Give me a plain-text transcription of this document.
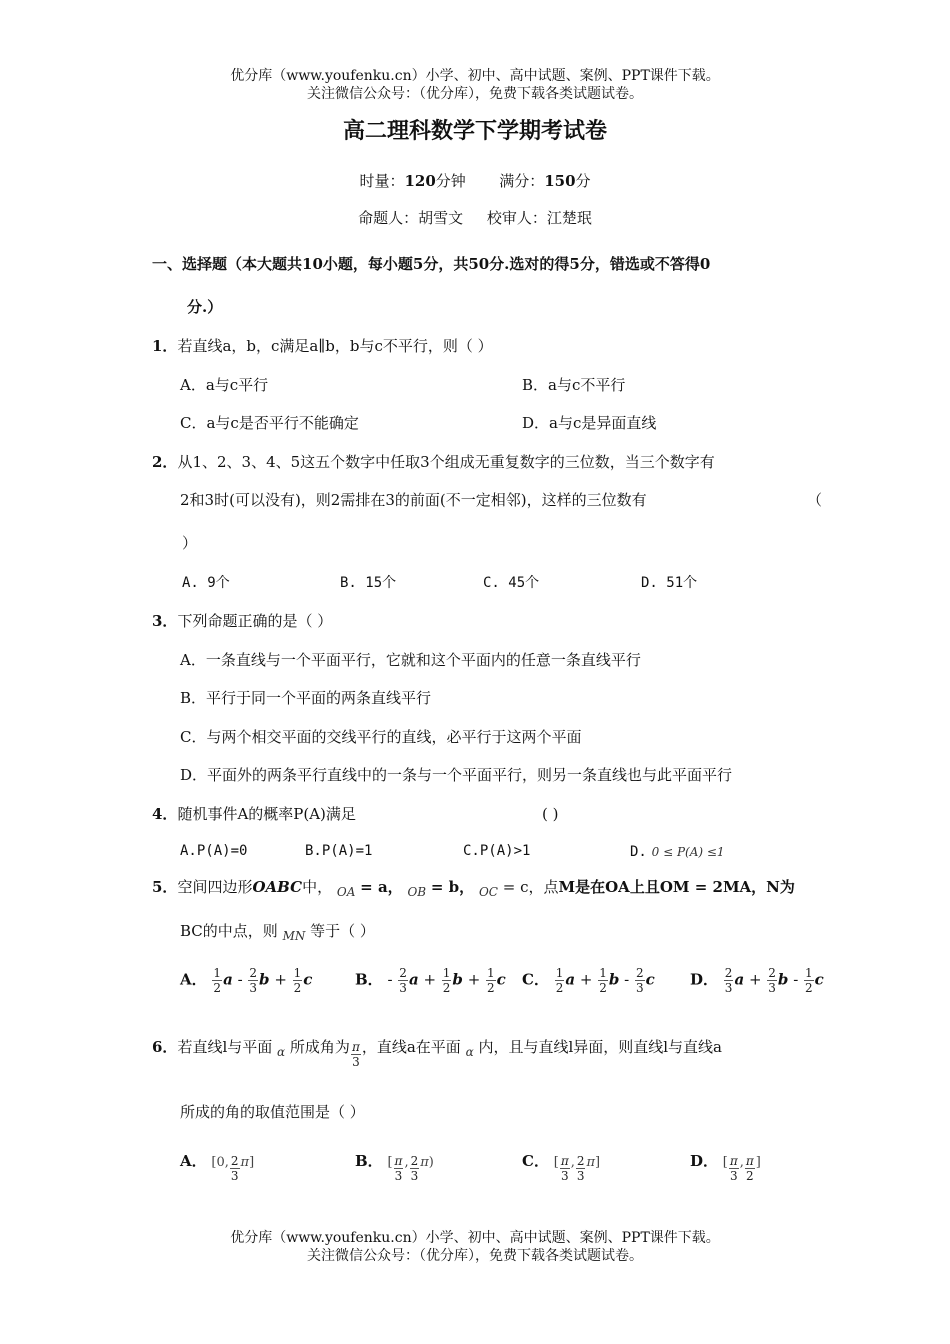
优分库（www.youfenku.cn）小学、初中、高中试题、案例、PPT课件下载。
关注微信公众号：（优分库），免费下载各类试题试卷。
高二理科数学下学期考试卷
时量：120分钟 满分：150分
命题人：胡雪文 校审人：江楚珉
一、选择题（本大题共10小题，每小题5分，共50分.选对的得5分，错选或不答得0
分.）
1．若直线a，b，c满足a∥b，b与c不平行，则（ ）
A．a与c平行	B．a与c不平行
C．a与c是否平行不能确定	D．a与c是异面直线
2．从1、2、3、4、5这五个数字中任取3个组成无重复数字的三位数，当三个数字有
2和3时(可以没有)，则2需排在3的前面(不一定相邻)，这样的三位数有	（
）
A. 9个	B. 15个	C. 45个	D. 51个
3．下列命题正确的是（ ）
A．一条直线与一个平面平行，它就和这个平面内的任意一条直线平行
B．平行于同一个平面的两条直线平行
C．与两个相交平面的交线平行的直线，必平行于这两个平面
D．平面外的两条平行直线中的一条与一个平面平行，则另一条直线也与此平面平行
4．随机事件A的概率P(A)满足	( )
A.P(A)=0	B.P(A)=1	C.P(A)>1	D. 0 ≤ P(A) ≤1
5．空间四边形OABC中， $_{OA}$ = a， $_{OB}$ = b， $_{OC}$ = c，点M是在OA上且OM = 2MA，N为
BC的中点，则 $_{MN}$ 等于（ ）
A． $\frac{1}{2}$ a - $\frac{2}{3}$ $b + \frac{1}{2}$ c	B． - $\frac{2}{3}$ $a + \frac{1}{2}$ $b + \frac{1}{2}$ c C． $\frac{1}{2}$ $a + \frac{1}{2}$ b - $\frac{2}{3}$ c D． $\frac{2}{3}$ $a + \frac{2}{3}$ b - $\frac{1}{2}$ c
6．若直线l与平面 $_\alpha$ 所成角为 $\frac{\pi}{3}$ ，直线a在平面 $_\alpha$ 内，且与直线l异面，则直线l与直线a
所成的角的取值范围是（ ）
A． [0, $\frac{2}{3} \pi$]	B． [ $\frac{\pi}{3}$ , $\frac{2}{3} \pi$)	C． [ $\frac{\pi}{3}$ , $\frac{2}{3} \pi$]	D． [ $\frac{\pi}{3}$ , $\frac{\pi}{2}$ ]
优分库（www.youfenku.cn）小学、初中、高中试题、案例、PPT课件下载。
关注微信公众号：（优分库），免费下载各类试题试卷。
